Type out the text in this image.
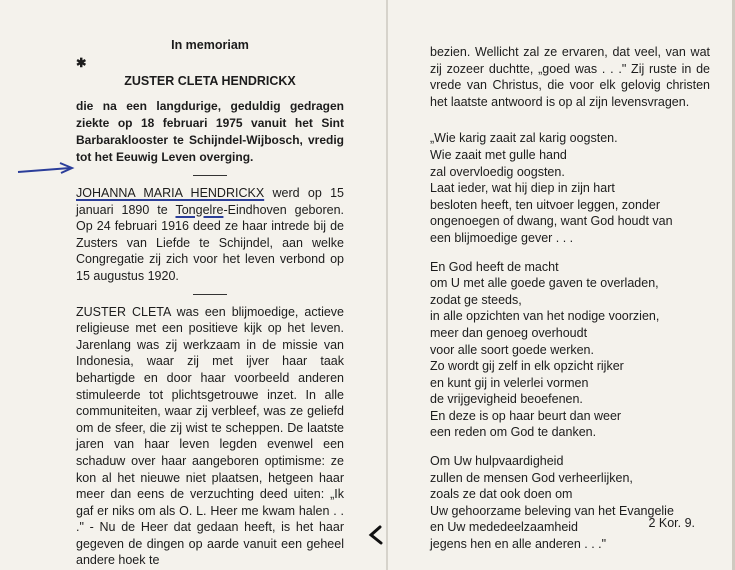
In memoriam
✱
ZUSTER CLETA HENDRICKX

die na een langdurige, geduldig gedragen ziekte op 18 februari 1975 vanuit het Sint Barbaraklooster te Schijndel-Wijbosch, vredig tot het Eeuwig Leven overging.

JOHANNA MARIA HENDRICKX werd op 15 januari 1890 te Tongelre-Eindhoven geboren. Op 24 februari 1916 deed ze haar intrede bij de Zusters van Liefde te Schijndel, aan welke Congregatie zij zich voor het leven verbond op 15 augustus 1920.

ZUSTER CLETA was een blijmoedige, actieve religieuse met een positieve kijk op het leven. Jarenlang was zij werkzaam in de missie van Indonesia, waar zij met ijver haar taak behartigde en door haar voorbeeld anderen stimuleerde tot plichtsgetrouwe inzet. In alle communiteiten, waar zij verbleef, was ze geliefd om de sfeer, die zij wist te scheppen. De laatste jaren van haar leven legden evenwel een schaduw over haar aangeboren optimisme: ze kon al het nieuwe niet plaatsen, hetgeen haar meer dan eens de verzuchting deed uiten: „Ik gaf er niks om als O. L. Heer me kwam halen . . ." - Nu de Heer dat gedaan heeft, is het haar gegeven de dingen op aarde vanuit een geheel andere hoek te

bezien. Wellicht zal ze ervaren, dat veel, van wat zij zozeer duchtte, „goed was . . ." Zij ruste in de vrede van Christus, die voor elk gelovig christen het laatste antwoord is op al zijn levensvragen.

„Wie karig zaait zal karig oogsten.
Wie zaait met gulle hand
zal overvloedig oogsten.
Laat ieder, wat hij diep in zijn hart
besloten heeft, ten uitvoer leggen, zonder
ongenoegen of dwang, want God houdt van
een blijmoedige gever . . .

En God heeft de macht
om U met alle goede gaven te overladen,
zodat ge steeds,
in alle opzichten van het nodige voorzien,
meer dan genoeg overhoudt
voor alle soort goede werken.
Zo wordt gij zelf in elk opzicht rijker
en kunt gij in velerlei vormen
de vrijgevigheid beoefenen.
En deze is op haar beurt dan weer
een reden om God te danken.

Om Uw hulpvaardigheid
zullen de mensen God verheerlijken,
zoals ze dat ook doen om
Uw gehoorzame beleving van het Evangelie
en Uw mededeelzaamheid
jegens hen en alle anderen . . ."

2 Kor. 9.
